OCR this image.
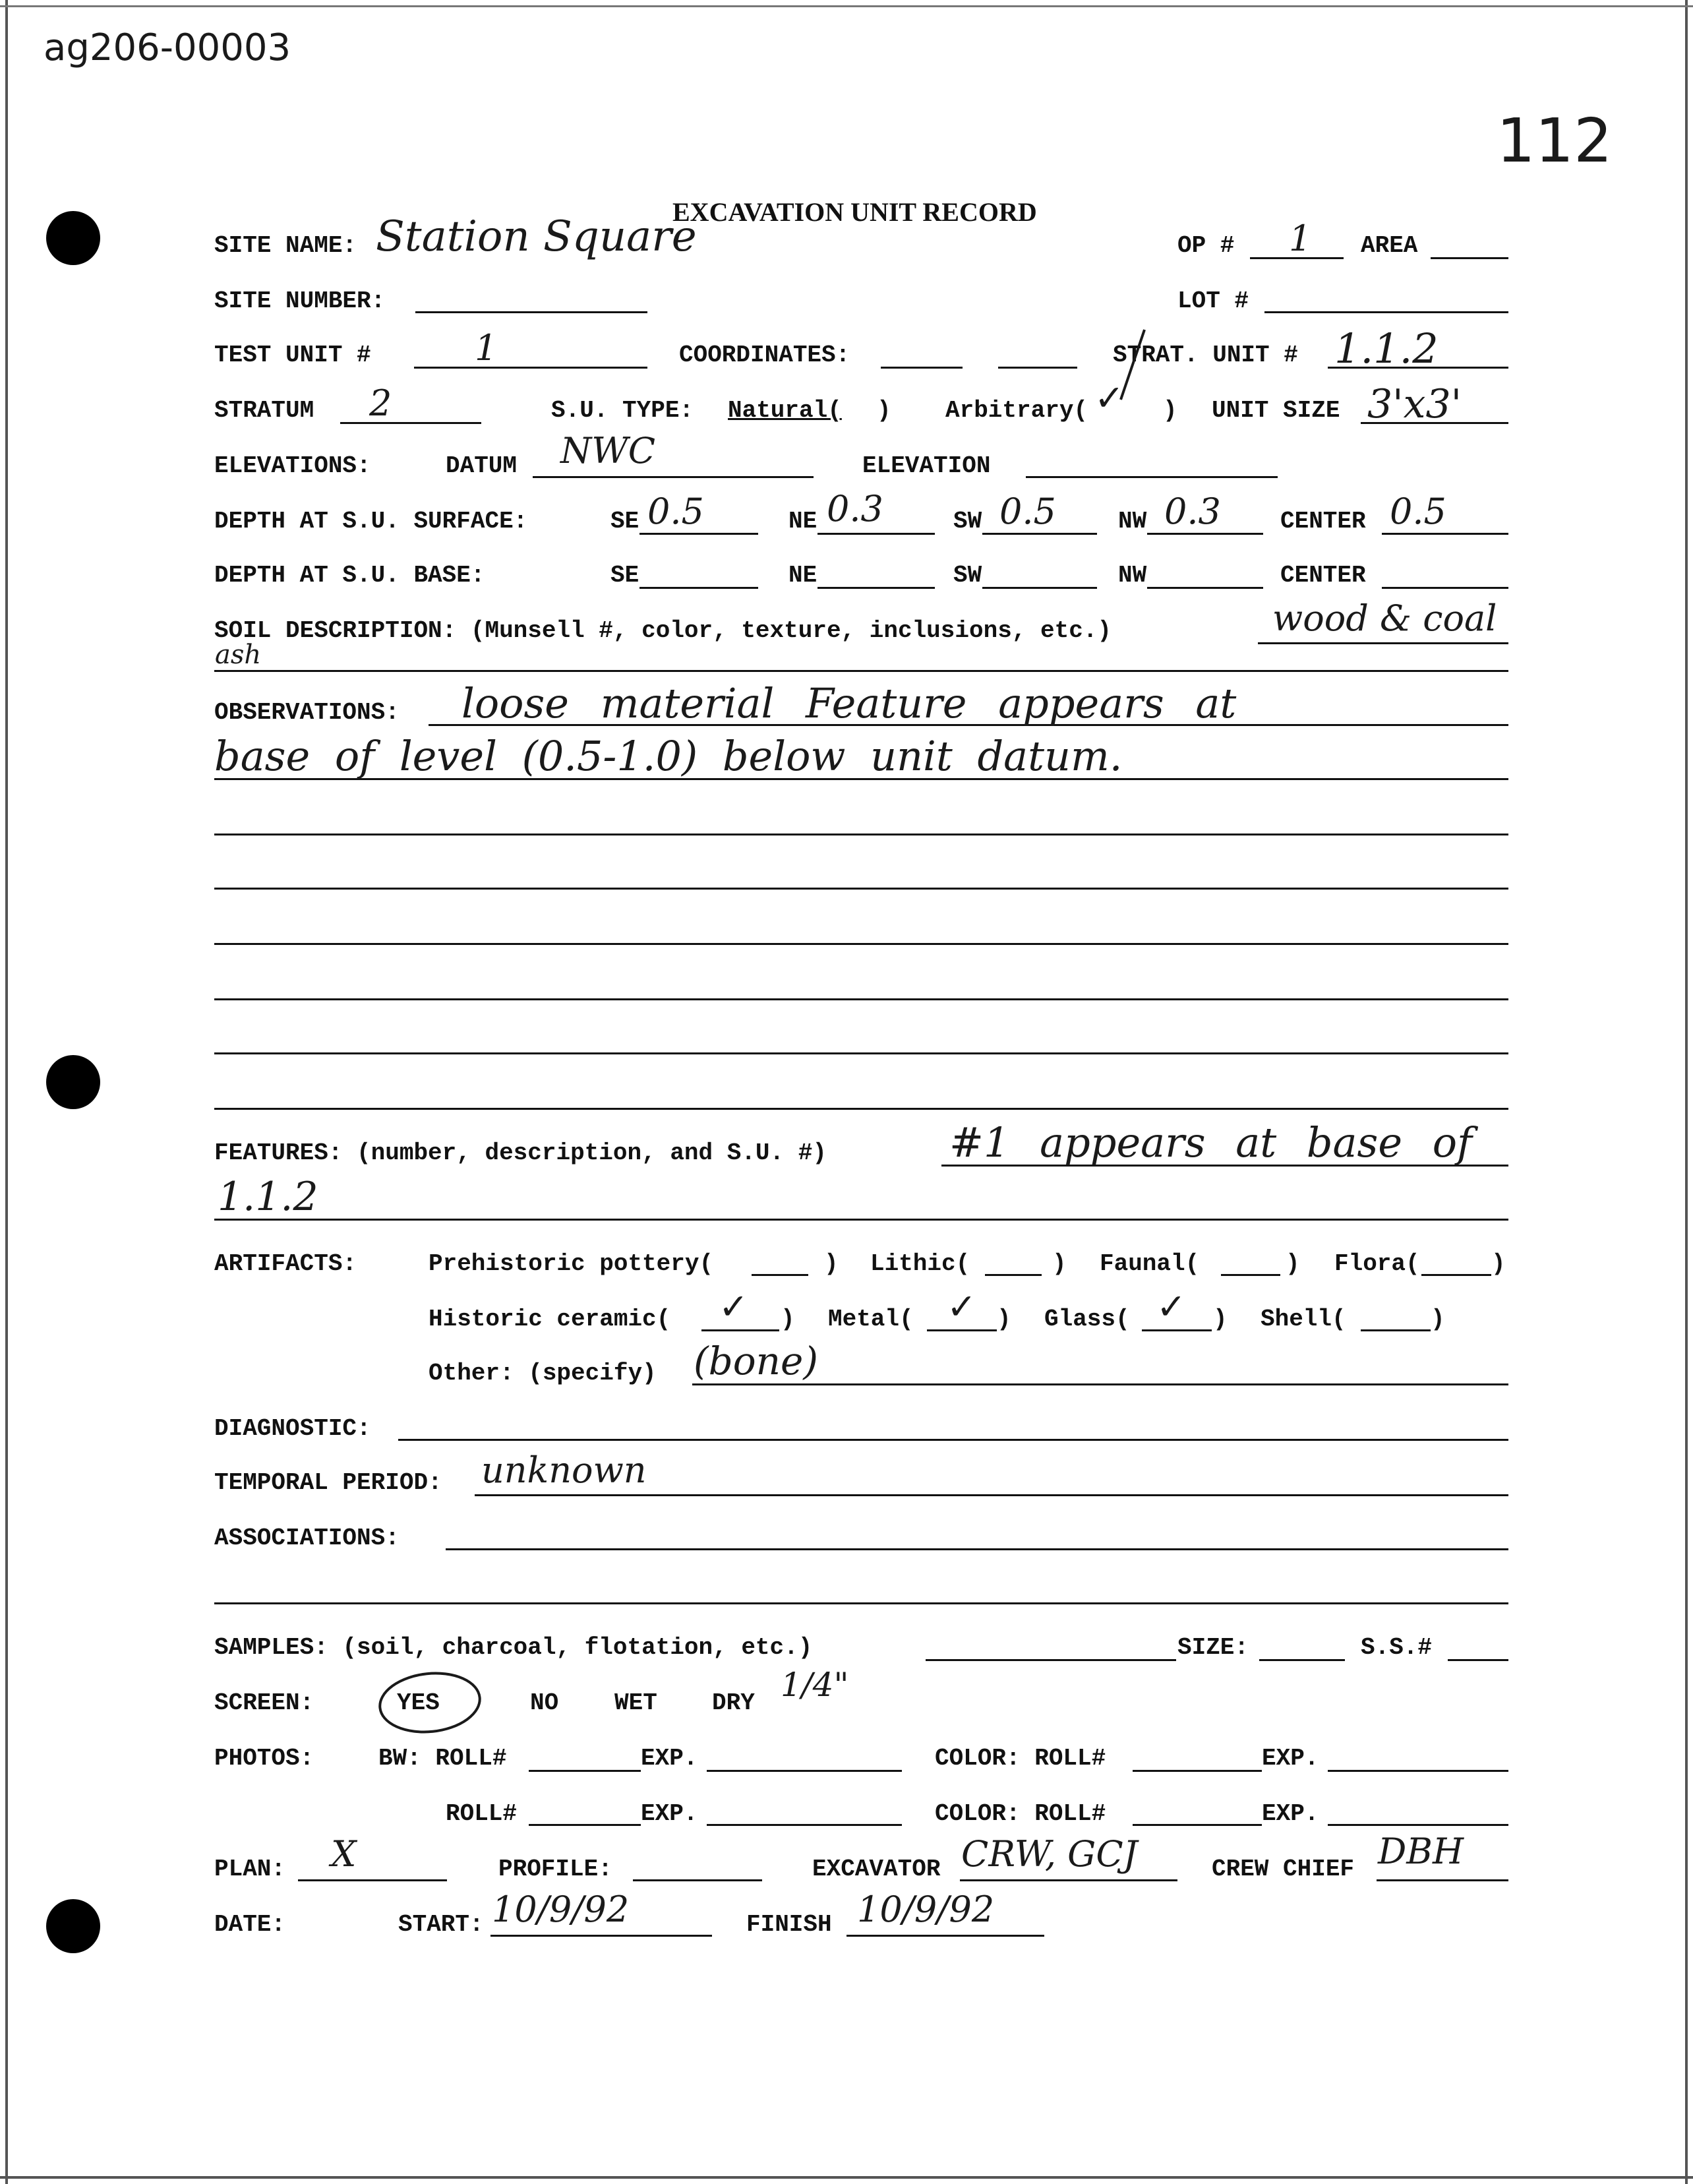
ag206-00003
112
EXCAVATION UNIT RECORD
SITE NAME: Station Square	OP # 1 AREA
SITE NUMBER:	LOT #
TEST UNIT #	1	COORDINATES:	STRAT. UNIT # 1.1.2
STRATUM 2	S.U. TYPE: Natural( ) Arbitrary( ✓ ) UNIT SIZE 3'x3'
ELEVATIONS:	DATUM NWC	ELEVATION
DEPTH AT S.U. SURFACE:	SE 0.5	NE 0.3	SW 0.5	NW 0.3	CENTER 0.5
DEPTH AT S.U. BASE:	SE	NE	SW	NW	CENTER
SOIL DESCRIPTION: (Munsell #, color, texture, inclusions, etc.)	wood & coal
ash
OBSERVATIONS: loose material Feature appears at
base of level (0.5-1.0) below unit datum.
FEATURES: (number, description, and S.U. #)	#1 appears at base of
1.1.2
ARTIFACTS:	Prehistoric pottery(	) Lithic(	) Faunal(	) Flora(	)
Historic ceramic( ✓ ) Metal( ✓ ) Glass( ✓ ) Shell(	)
Other: (specify) (bone)
DIAGNOSTIC:
TEMPORAL PERIOD: unknown
ASSOCIATIONS:
SAMPLES: (soil, charcoal, flotation, etc.)	SIZE:	S.S.#
SCREEN:	YES	NO WET DRY 1/4"
PHOTOS:	BW: ROLL#	EXP.	COLOR: ROLL#	EXP.
ROLL#	EXP.	COLOR: ROLL#	EXP.
PLAN: X	PROFILE:	EXCAVATOR CRW, GCJ	CREW CHIEF DBH
DATE:	START: 10/9/92	FINISH 10/9/92
